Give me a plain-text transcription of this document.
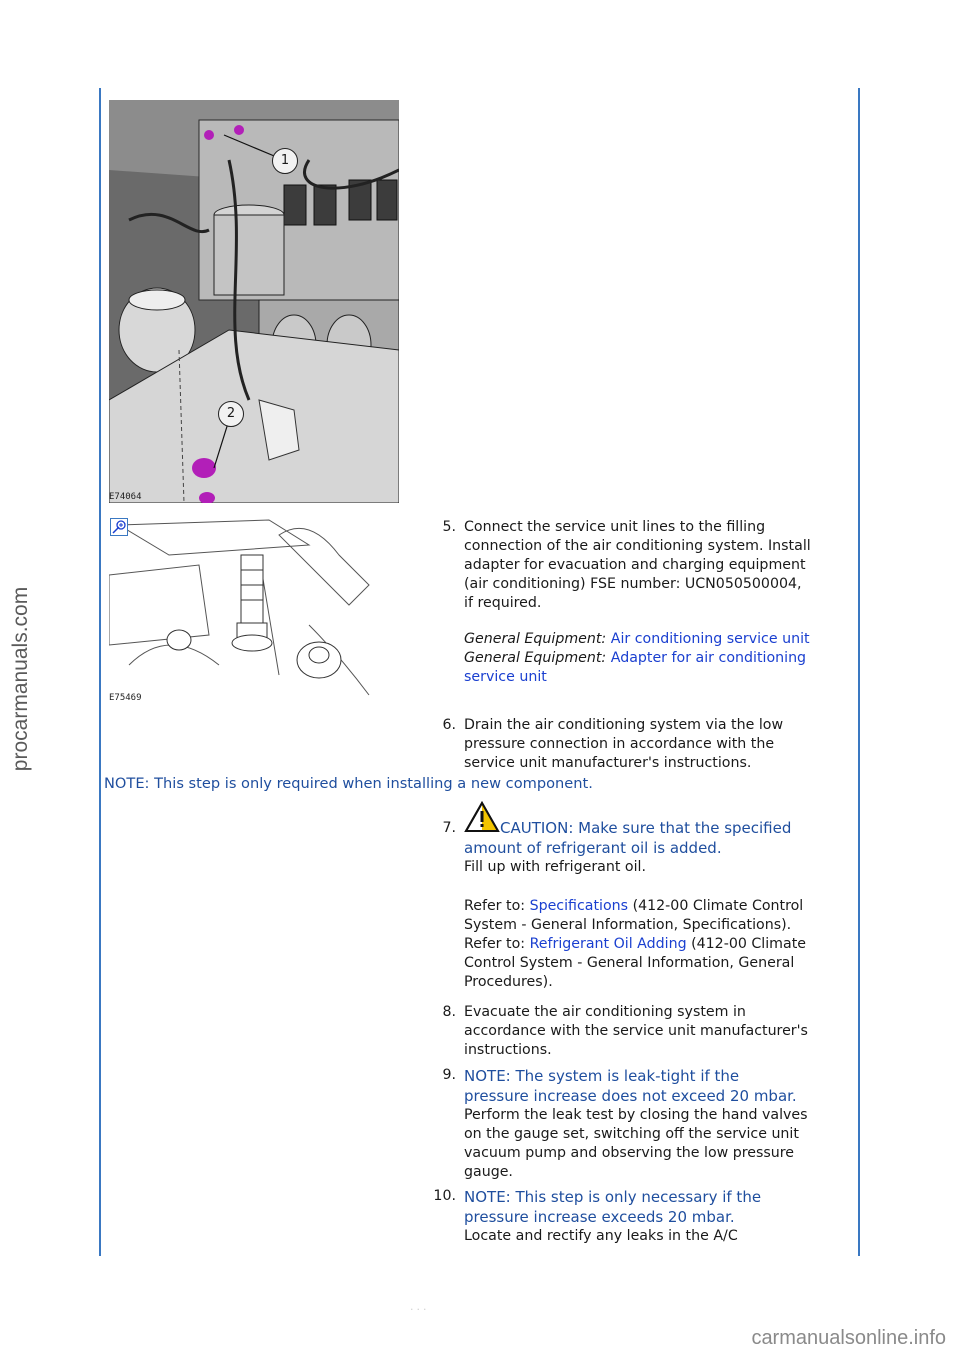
procarmanuals.com
E74064
1
2
E75469
5. Connect the service unit lines to the filling
connection of the air conditioning system. Install
adapter for evacuation and charging equipment
(air conditioning) FSE number: UCN050500004,
if required.
General Equipment: Air conditioning service unit
General Equipment: Adapter for air conditioning
service unit
6. Drain the air conditioning system via the low
pressure connection in accordance with the
service unit manufacturer's instructions.
NOTE: This step is only required when installing a new component.
7.	CAUTION: Make sure that the specified
amount of refrigerant oil is added.
Fill up with refrigerant oil.
Refer to: Specifications (412-00 Climate Control
System - General Information, Specifications).
Refer to: Refrigerant Oil Adding (412-00 Climate
Control System - General Information, General
Procedures).
8. Evacuate the air conditioning system in
accordance with the service unit manufacturer's
instructions.
9. NOTE: The system is leak-tight if the
pressure increase does not exceed 20 mbar.
Perform the leak test by closing the hand valves
on the gauge set, switching off the service unit
vacuum pump and observing the low pressure
gauge.
10. NOTE: This step is only necessary if the
pressure increase exceeds 20 mbar.
Locate and rectify any leaks in the A/C
...
carmanualsonline.info
